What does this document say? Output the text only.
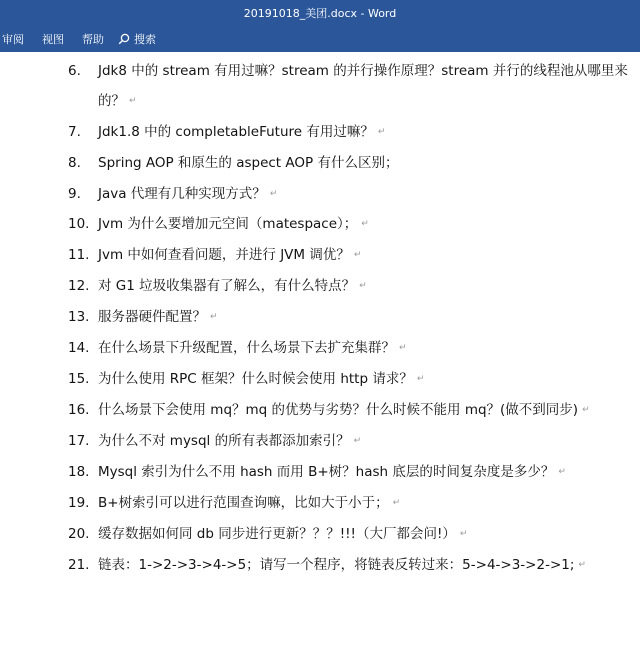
20191018_美团.docx - Word
审阅 视图 帮助	搜索
6. Jdk8 中的 stream 有用过嘛？stream 的并行操作原理？stream 并行的线程池从哪里来
的？ ↵
7. Jdk1.8 中的 completableFuture 有用过嘛？ ↵
8. Spring AOP 和原生的 aspect AOP 有什么区别；
9. Java 代理有几种实现方式？ ↵
10. Jvm 为什么要增加元空间（matespace）； ↵
11. Jvm 中如何查看问题，并进行 JVM 调优？ ↵
12. 对 G1 垃圾收集器有了解么，有什么特点？ ↵
13. 服务器硬件配置？ ↵
14. 在什么场景下升级配置，什么场景下去扩充集群？ ↵
15. 为什么使用 RPC 框架？什么时候会使用 http 请求？ ↵
16. 什么场景下会使用 mq？mq 的优势与劣势？什么时候不能用 mq？(做不到同步) ↵
17. 为什么不对 mysql 的所有表都添加索引？ ↵
18. Mysql 索引为什么不用 hash 而用 B+树？hash 底层的时间复杂度是多少？ ↵
19. B+树索引可以进行范围查询嘛，比如大于小于； ↵
20. 缓存数据如何同 db 同步进行更新？？？!!!（大厂都会问!） ↵
21. 链表：1->2->3->4->5；请写一个程序，将链表反转过来：5->4->3->2->1; ↵
